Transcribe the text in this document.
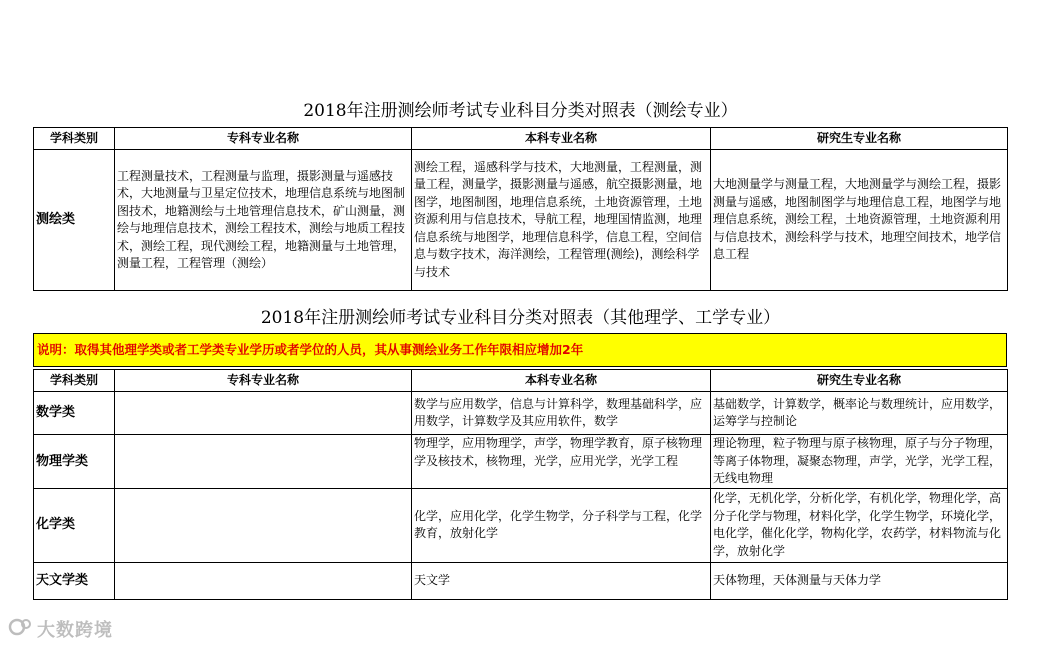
2018年注册测绘师考试专业科目分类对照表（测绘专业）
学科类别	专科专业名称	本科专业名称	研究生专业名称
测绘类	工程测量技术，工程测量与监理，摄影测量与遥感技术，大地测量与卫星定位技术，地理信息系统与地图制图技术，地籍测绘与土地管理信息技术，矿山测量，测绘与地理信息技术，测绘工程技术，测绘与地质工程技术，测绘工程，现代测绘工程，地籍测量与土地管理，测量工程，工程管理（测绘）	测绘工程，遥感科学与技术，大地测量，工程测量，测量工程，测量学，摄影测量与遥感，航空摄影测量，地图学，地图制图，地理信息系统，土地资源管理，土地资源利用与信息技术，导航工程，地理国情监测，地理信息系统与地图学，地理信息科学，信息工程，空间信息与数字技术，海洋测绘，工程管理(测绘)，测绘科学与技术	大地测量学与测量工程，大地测量学与测绘工程，摄影测量与遥感，地图制图学与地理信息工程，地图学与地理信息系统，测绘工程，土地资源管理，土地资源利用与信息技术，测绘科学与技术，地理空间技术，地学信息工程
2018年注册测绘师考试专业科目分类对照表（其他理学、工学专业）
说明：取得其他理学类或者工学类专业学历或者学位的人员，其从事测绘业务工作年限相应增加2年
学科类别	专科专业名称	本科专业名称	研究生专业名称
数学类		数学与应用数学，信息与计算科学，数理基础科学，应用数学，计算数学及其应用软件，数学	基础数学，计算数学，概率论与数理统计，应用数学，运筹学与控制论
物理学类		物理学，应用物理学，声学，物理学教育，原子核物理学及核技术，核物理，光学，应用光学，光学工程	理论物理，粒子物理与原子核物理，原子与分子物理，等离子体物理，凝聚态物理，声学，光学，光学工程，无线电物理
化学类		化学，应用化学，化学生物学，分子科学与工程，化学教育，放射化学	化学，无机化学，分析化学，有机化学，物理化学，高分子化学与物理，材料化学，化学生物学，环境化学，电化学，催化化学，物构化学，农药学，材料物流与化学，放射化学
天文学类		天文学	天体物理，天体测量与天体力学
大数跨境
